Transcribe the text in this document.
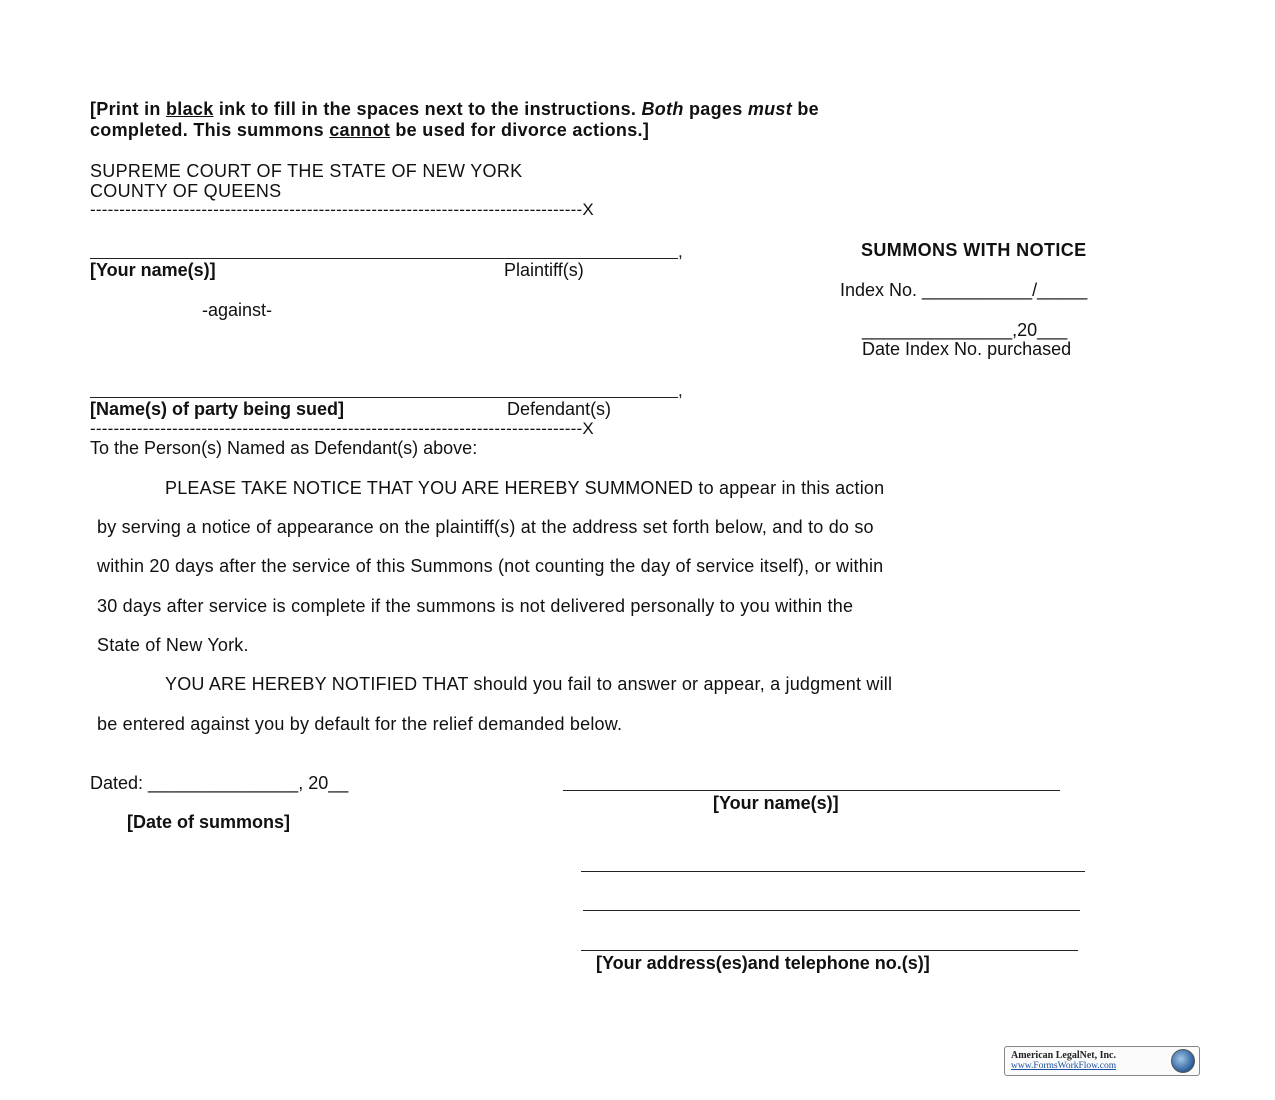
[Print in black ink to fill in the spaces next to the instructions. Both pages must be
completed. This summons cannot be used for divorce actions.]
SUPREME COURT OF THE STATE OF NEW YORK
COUNTY OF QUEENS
------------------------------------------------------------------------------------X
,
[Your name(s)]	Plaintiff(s)
-against-
,
[Name(s) of party being sued]	Defendant(s)
------------------------------------------------------------------------------------X
SUMMONS WITH NOTICE
Index No. ___________/_____
_______________,20___
Date Index No. purchased
To the Person(s) Named as Defendant(s) above:
PLEASE TAKE NOTICE THAT YOU ARE HEREBY SUMMONED to appear in this action
by serving a notice of appearance on the plaintiff(s) at the address set forth below, and to do so
within 20 days after the service of this Summons (not counting the day of service itself), or within
30 days after service is complete if the summons is not delivered personally to you within the
State of New York.
YOU ARE HEREBY NOTIFIED THAT should you fail to answer or appear, a judgment will
be entered against you by default for the relief demanded below.
Dated: _______________, 20__
[Date of summons]
[Your name(s)]
[Your address(es)and telephone no.(s)]
American LegalNet, Inc.
www.FormsWorkFlow.com
